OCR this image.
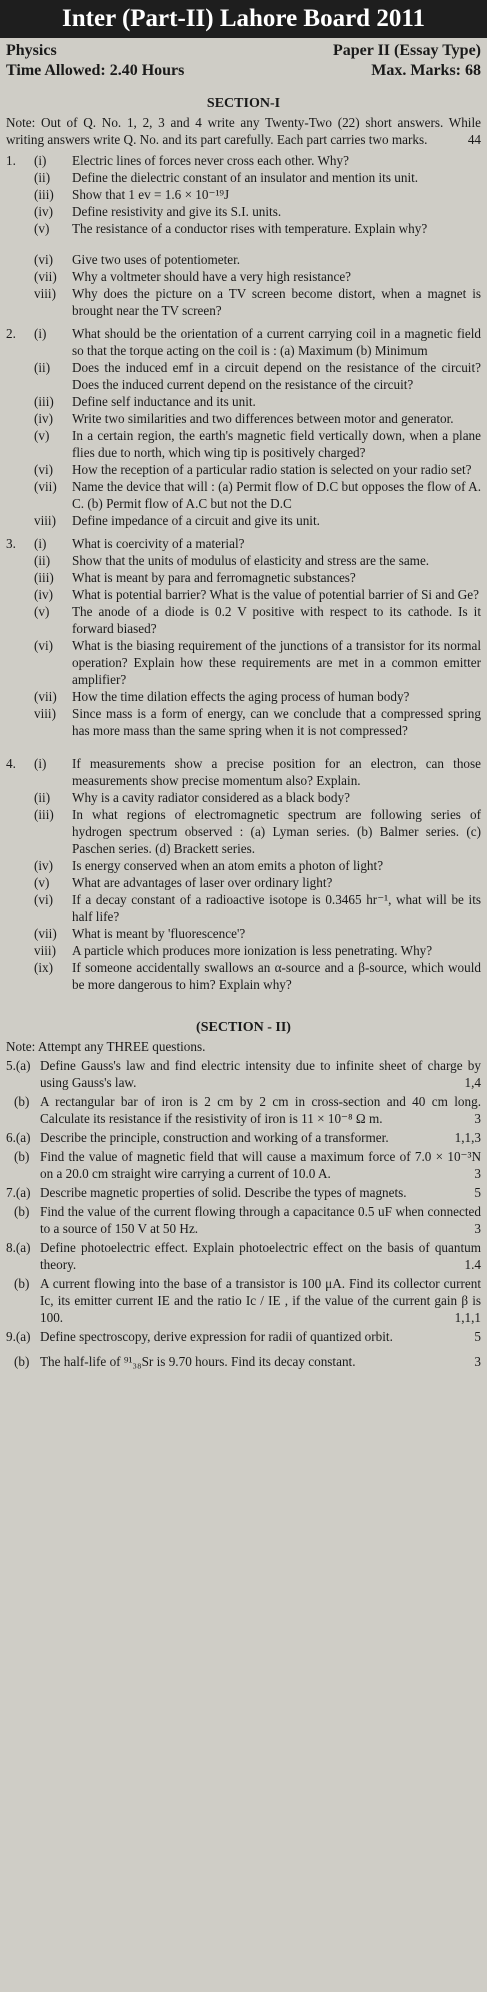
Inter (Part-II) Lahore Board 2011
Physics	Paper II (Essay Type)
Time Allowed: 2.40 Hours	Max. Marks: 68
SECTION-I
Note: Out of Q. No. 1, 2, 3 and 4 write any Twenty-Two (22) short answers. While writing answers write Q. No. and its part carefully. Each part carries two marks.	44
1.	(i)	Electric lines of forces never cross each other. Why?
(ii)	Define the dielectric constant of an insulator and mention its unit.
(iii)	Show that 1 ev = 1.6 × 10⁻¹⁹J
(iv)	Define resistivity and give its S.I. units.
(v)	The resistance of a conductor rises with temperature. Explain why?
(vi)	Give two uses of potentiometer.
(vii)	Why a voltmeter should have a very high resistance?
viii)	Why does the picture on a TV screen become distort, when a magnet is brought near the TV screen?
2.	(i)	What should be the orientation of a current carrying coil in a magnetic field so that the torque acting on the coil is : (a) Maximum (b) Minimum
(ii)	Does the induced emf in a circuit depend on the resistance of the circuit? Does the induced current depend on the resistance of the circuit?
(iii)	Define self inductance and its unit.
(iv)	Write two similarities and two differences between motor and generator.
(v)	In a certain region, the earth's magnetic field vertically down, when a plane flies due to north, which wing tip is positively charged?
(vi)	How the reception of a particular radio station is selected on your radio set?
(vii)	Name the device that will : (a) Permit flow of D.C but opposes the flow of A. C. (b) Permit flow of A.C but not the D.C
viii)	Define impedance of a circuit and give its unit.
3.	(i)	What is coercivity of a material?
(ii)	Show that the units of modulus of elasticity and stress are the same.
(iii)	What is meant by para and ferromagnetic substances?
(iv)	What is potential barrier? What is the value of potential barrier of Si and Ge?
(v)	The anode of a diode is 0.2 V positive with respect to its cathode. Is it forward biased?
(vi)	What is the biasing requirement of the junctions of a transistor for its normal operation? Explain how these requirements are met in a common emitter amplifier?
(vii)	How the time dilation effects the aging process of human body?
viii)	Since mass is a form of energy, can we conclude that a compressed spring has more mass than the same spring when it is not compressed?
4.	(i)	If measurements show a precise position for an electron, can those measurements show precise momentum also? Explain.
(ii)	Why is a cavity radiator considered as a black body?
(iii)	In what regions of electromagnetic spectrum are following series of hydrogen spectrum observed : (a) Lyman series. (b) Balmer series. (c) Paschen series. (d) Brackett series.
(iv)	Is energy conserved when an atom emits a photon of light?
(v)	What are advantages of laser over ordinary light?
(vi)	If a decay constant of a radioactive isotope is 0.3465 hr⁻¹, what will be its half life?
(vii)	What is meant by 'fluorescence'?
viii)	A particle which produces more ionization is less penetrating. Why?
(ix)	If someone accidentally swallows an α-source and a β-source, which would be more dangerous to him? Explain why?
(SECTION - II)
Note: Attempt any THREE questions.
5.(a) Define Gauss's law and find electric intensity due to infinite sheet of charge by using Gauss's law.	1,4
(b) A rectangular bar of iron is 2 cm by 2 cm in cross-section and 40 cm long. Calculate its resistance if the resistivity of iron is 11 × 10⁻⁸ Ω m.	3
6.(a) Describe the principle, construction and working of a transformer.	1,1,3
(b) Find the value of magnetic field that will cause a maximum force of 7.0 × 10⁻³N on a 20.0 cm straight wire carrying a current of 10.0 A.	3
7.(a) Describe magnetic properties of solid. Describe the types of magnets.	5
(b) Find the value of the current flowing through a capacitance 0.5 uF when connected to a source of 150 V at 50 Hz.	3
8.(a) Define photoelectric effect. Explain photoelectric effect on the basis of quantum theory.	1.4
(b) A current flowing into the base of a transistor is 100 μA. Find its collector current Ic, its emitter current IE and the ratio Ic / IE , if the value of the current gain β is 100.	1,1,1
9.(a) Define spectroscopy, derive expression for radii of quantized orbit.	5
(b) The half-life of ⁹¹₃₈Sr is 9.70 hours. Find its decay constant.	3
